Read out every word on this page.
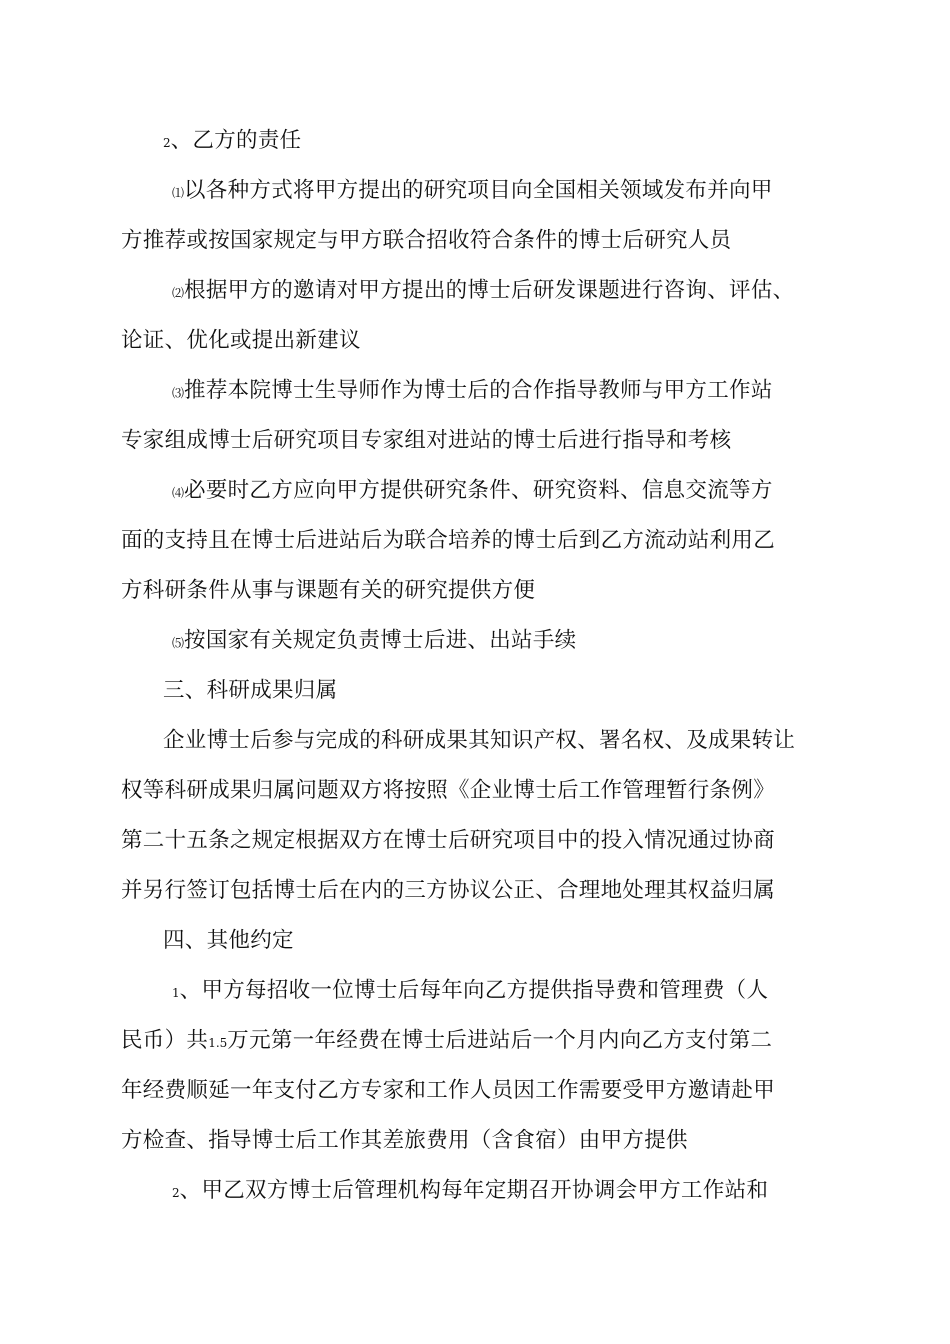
2、乙方的责任
⑴以各种方式将甲方提出的研究项目向全国相关领域发布并向甲
方推荐或按国家规定与甲方联合招收符合条件的博士后研究人员
⑵根据甲方的邀请对甲方提出的博士后研发课题进行咨询、评估、
论证、优化或提出新建议
⑶推荐本院博士生导师作为博士后的合作指导教师与甲方工作站
专家组成博士后研究项目专家组对进站的博士后进行指导和考核
⑷必要时乙方应向甲方提供研究条件、研究资料、信息交流等方
面的支持且在博士后进站后为联合培养的博士后到乙方流动站利用乙
方科研条件从事与课题有关的研究提供方便
⑸按国家有关规定负责博士后进、出站手续
三、科研成果归属
企业博士后参与完成的科研成果其知识产权、署名权、及成果转让
权等科研成果归属问题双方将按照《企业博士后工作管理暂行条例》
第二十五条之规定根据双方在博士后研究项目中的投入情况通过协商
并另行签订包括博士后在内的三方协议公正、合理地处理其权益归属
四、其他约定
1、甲方每招收一位博士后每年向乙方提供指导费和管理费（人
民币）共1.5万元第一年经费在博士后进站后一个月内向乙方支付第二
年经费顺延一年支付乙方专家和工作人员因工作需要受甲方邀请赴甲
方检查、指导博士后工作其差旅费用（含食宿）由甲方提供
2、甲乙双方博士后管理机构每年定期召开协调会甲方工作站和
